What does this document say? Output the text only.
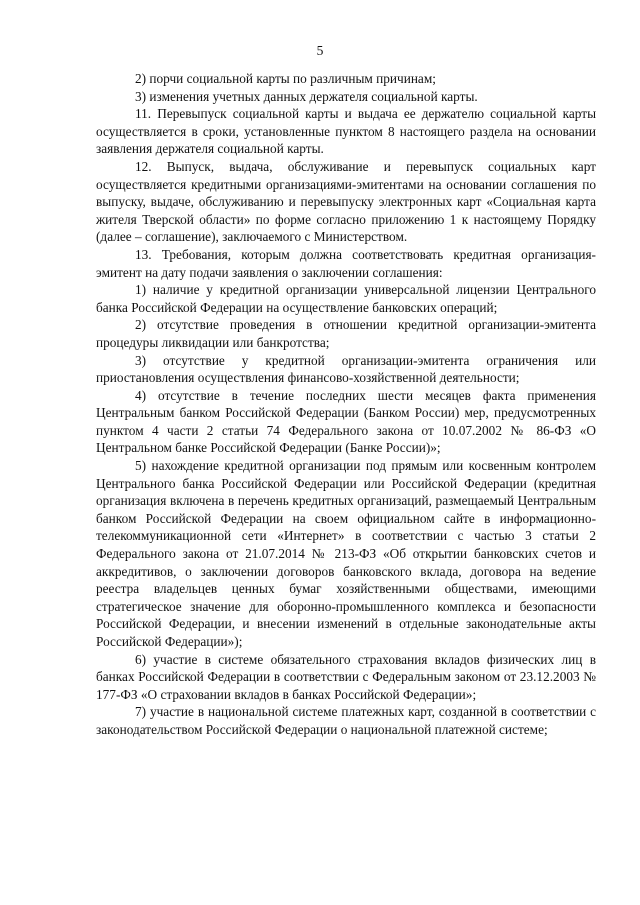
5

2) порчи социальной карты по различным причинам;

3) изменения учетных данных держателя социальной карты.

11. Перевыпуск социальной карты и выдача ее держателю социальной карты осуществляется в сроки, установленные пунктом 8 настоящего раздела на основании заявления держателя социальной карты.

12. Выпуск, выдача, обслуживание и перевыпуск социальных карт осуществляется кредитными организациями-эмитентами на основании соглашения по выпуску, выдаче, обслуживанию и перевыпуску электронных карт «Социальная карта жителя Тверской области» по форме согласно приложению 1 к настоящему Порядку (далее – соглашение), заключаемого с Министерством.

13. Требования, которым должна соответствовать кредитная организация-эмитент на дату подачи заявления о заключении соглашения:

1) наличие у кредитной организации универсальной лицензии Центрального банка Российской Федерации на осуществление банковских операций;

2) отсутствие проведения в отношении кредитной организации-эмитента процедуры ликвидации или банкротства;

3) отсутствие у кредитной организации-эмитента ограничения или приостановления осуществления финансово-хозяйственной деятельности;

4) отсутствие в течение последних шести месяцев факта применения Центральным банком Российской Федерации (Банком России) мер, предусмотренных пунктом 4 части 2 статьи 74 Федерального закона от 10.07.2002 № 86-ФЗ «О Центральном банке Российской Федерации (Банке России)»;

5) нахождение кредитной организации под прямым или косвенным контролем Центрального банка Российской Федерации или Российской Федерации (кредитная организация включена в перечень кредитных организаций, размещаемый Центральным банком Российской Федерации на своем официальном сайте в информационно-телекоммуникационной сети «Интернет» в соответствии с частью 3 статьи 2 Федерального закона от 21.07.2014 № 213-ФЗ «Об открытии банковских счетов и аккредитивов, о заключении договоров банковского вклада, договора на ведение реестра владельцев ценных бумаг хозяйственными обществами, имеющими стратегическое значение для оборонно-промышленного комплекса и безопасности Российской Федерации, и внесении изменений в отдельные законодательные акты Российской Федерации»);

6) участие в системе обязательного страхования вкладов физических лиц в банках Российской Федерации в соответствии с Федеральным законом от 23.12.2003 № 177-ФЗ «О страховании вкладов в банках Российской Федерации»;

7) участие в национальной системе платежных карт, созданной в соответствии с законодательством Российской Федерации о национальной платежной системе;
